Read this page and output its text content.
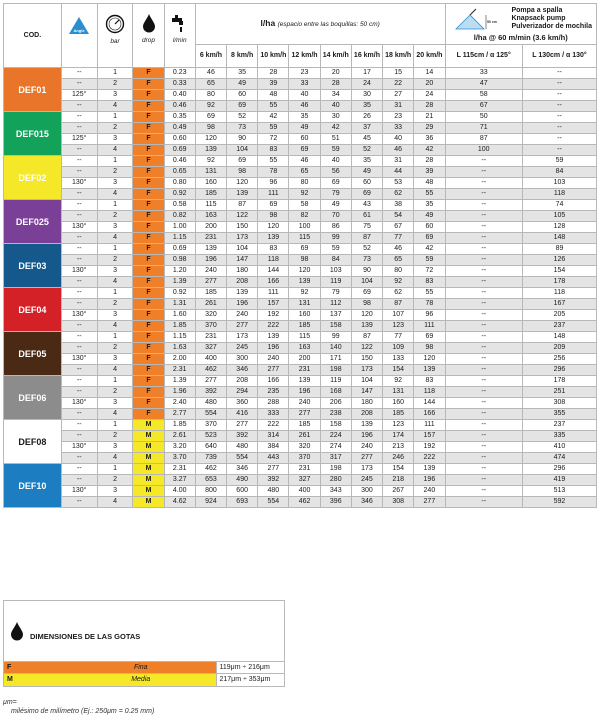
COD.	Angle	bar	drop	l/min	l/ha (espacio entre las boquillas: 50 cm)								50 cm
Pompa a spalla
Knapsack pump
Pulverizador de mochila
l/ha @ 60 m/min (3.6 km/h)	

					6 km/h	8 km/h	10 km/h	12 km/h	14 km/h	16 km/h	18 km/h	20 km/h	L 115cm / α 125°	L 130cm / α 130°
DEF01	--	1	F	0.23	46	35	28	23	20	17	15	14	33	--
	--	2	F	0.33	65	49	39	33	28	24	22	20	47	--
	125°	3	F	0.40	80	60	48	40	34	30	27	24	58	--
	--	4	F	0.46	92	69	55	46	40	35	31	28	67	--
DEF015	--	1	F	0.35	69	52	42	35	30	26	23	21	50	--
	--	2	F	0.49	98	73	59	49	42	37	33	29	71	--
	125°	3	F	0.60	120	90	72	60	51	45	40	36	87	--
	--	4	F	0.69	139	104	83	69	59	52	46	42	100	--
DEF02	--	1	F	0.46	92	69	55	46	40	35	31	28	--	59
	--	2	F	0.65	131	98	78	65	56	49	44	39	--	84
	130°	3	F	0.80	160	120	96	80	69	60	53	48	--	103
	--	4	F	0.92	185	139	111	92	79	69	62	55	--	118
DEF025	--	1	F	0.58	115	87	69	58	49	43	38	35	--	74
	--	2	F	0.82	163	122	98	82	70	61	54	49	--	105
	130°	3	F	1.00	200	150	120	100	86	75	67	60	--	128
	--	4	F	1.15	231	173	139	115	99	87	77	69	--	148
DEF03	--	1	F	0.69	139	104	83	69	59	52	46	42	--	89
	--	2	F	0.98	196	147	118	98	84	73	65	59	--	126
	130°	3	F	1.20	240	180	144	120	103	90	80	72	--	154
	--	4	F	1.39	277	208	166	139	119	104	92	83	--	178
DEF04	--	1	F	0.92	185	139	111	92	79	69	62	55	--	118
	--	2	F	1.31	261	196	157	131	112	98	87	78	--	167
	130°	3	F	1.60	320	240	192	160	137	120	107	96	--	205
	--	4	F	1.85	370	277	222	185	158	139	123	111	--	237
DEF05	--	1	F	1.15	231	173	139	115	99	87	77	69	--	148
	--	2	F	1.63	327	245	196	163	140	122	109	98	--	209
	130°	3	F	2.00	400	300	240	200	171	150	133	120	--	256
	--	4	F	2.31	462	346	277	231	198	173	154	139	--	296
DEF06	--	1	F	1.39	277	208	166	139	119	104	92	83	--	178
	--	2	F	1.96	392	294	235	196	168	147	131	118	--	251
	130°	3	F	2.40	480	360	288	240	206	180	160	144	--	308
	--	4	F	2.77	554	416	333	277	238	208	185	166	--	355
DEF08	--	1	M	1.85	370	277	222	185	158	139	123	111	--	237
	--	2	M	2.61	523	392	314	261	224	196	174	157	--	335
	130°	3	M	3.20	640	480	384	320	274	240	213	192	--	410
	--	4	M	3.70	739	554	443	370	317	277	246	222	--	474
DEF10	--	1	M	2.31	462	346	277	231	198	173	154	139	--	296
	--	2	M	3.27	653	490	392	327	280	245	218	196	--	419
	130°	3	M	4.00	800	600	480	400	343	300	267	240	--	513
	--	4	M	4.62	924	693	554	462	396	346	308	277	--	592
DIMENSIONES DE LAS GOTAS
F	Fina	119μm ÷ 216μm
M	Media	217μm ÷ 353μm
μm=
milésimo de milímetro (Ej.: 250μm = 0.25 mm)
